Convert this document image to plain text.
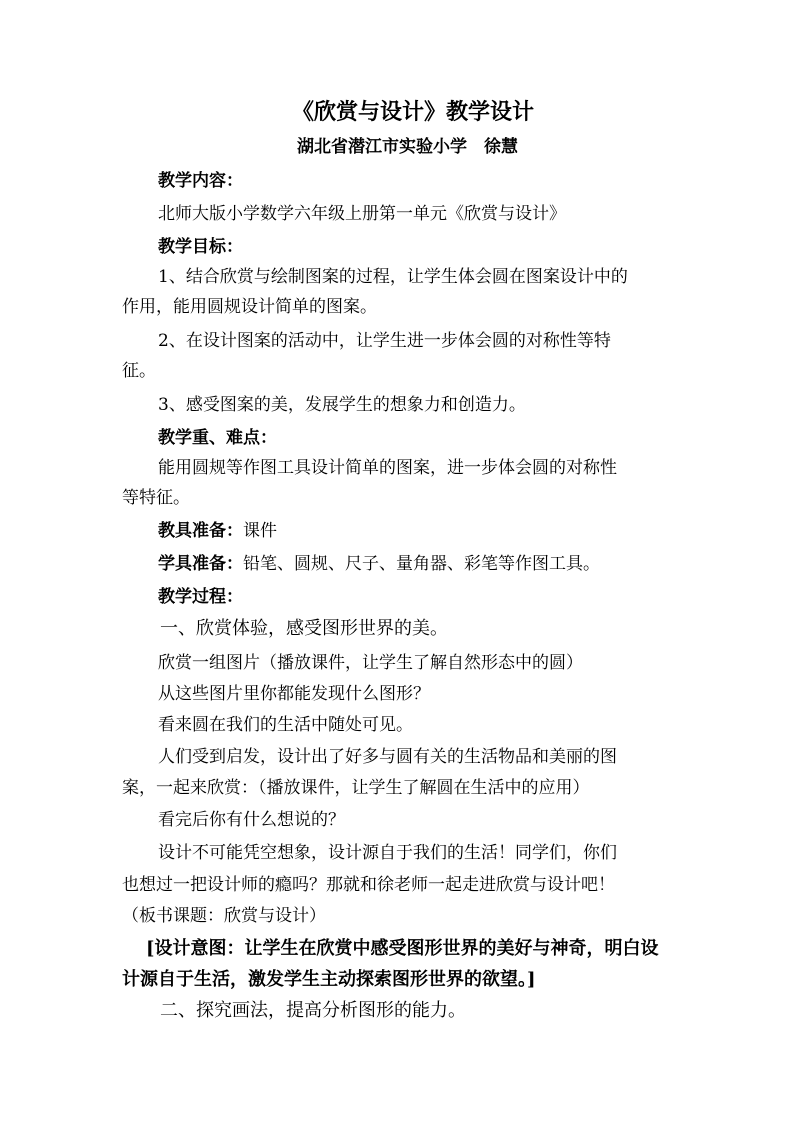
《欣赏与设计》教学设计
湖北省潜江市实验小学　徐慧
教学内容：
北师大版小学数学六年级上册第一单元《欣赏与设计》
教学目标：
1、结合欣赏与绘制图案的过程，让学生体会圆在图案设计中的
作用，能用圆规设计简单的图案。
2、在设计图案的活动中，让学生进一步体会圆的对称性等特
征。
3、感受图案的美，发展学生的想象力和创造力。
教学重、难点：
能用圆规等作图工具设计简单的图案，进一步体会圆的对称性
等特征。
教具准备：课件
学具准备：铅笔、圆规、尺子、量角器、彩笔等作图工具。
教学过程：
一、欣赏体验，感受图形世界的美。
欣赏一组图片（播放课件，让学生了解自然形态中的圆）
从这些图片里你都能发现什么图形？
看来圆在我们的生活中随处可见。
人们受到启发，设计出了好多与圆有关的生活物品和美丽的图
案，一起来欣赏：（播放课件，让学生了解圆在生活中的应用）
看完后你有什么想说的？
设计不可能凭空想象，设计源自于我们的生活！同学们，你们
也想过一把设计师的瘾吗？那就和徐老师一起走进欣赏与设计吧！
（板书课题：欣赏与设计）
[设计意图：让学生在欣赏中感受图形世界的美好与神奇，明白设
计源自于生活，激发学生主动探索图形世界的欲望。]
二、探究画法，提高分析图形的能力。
